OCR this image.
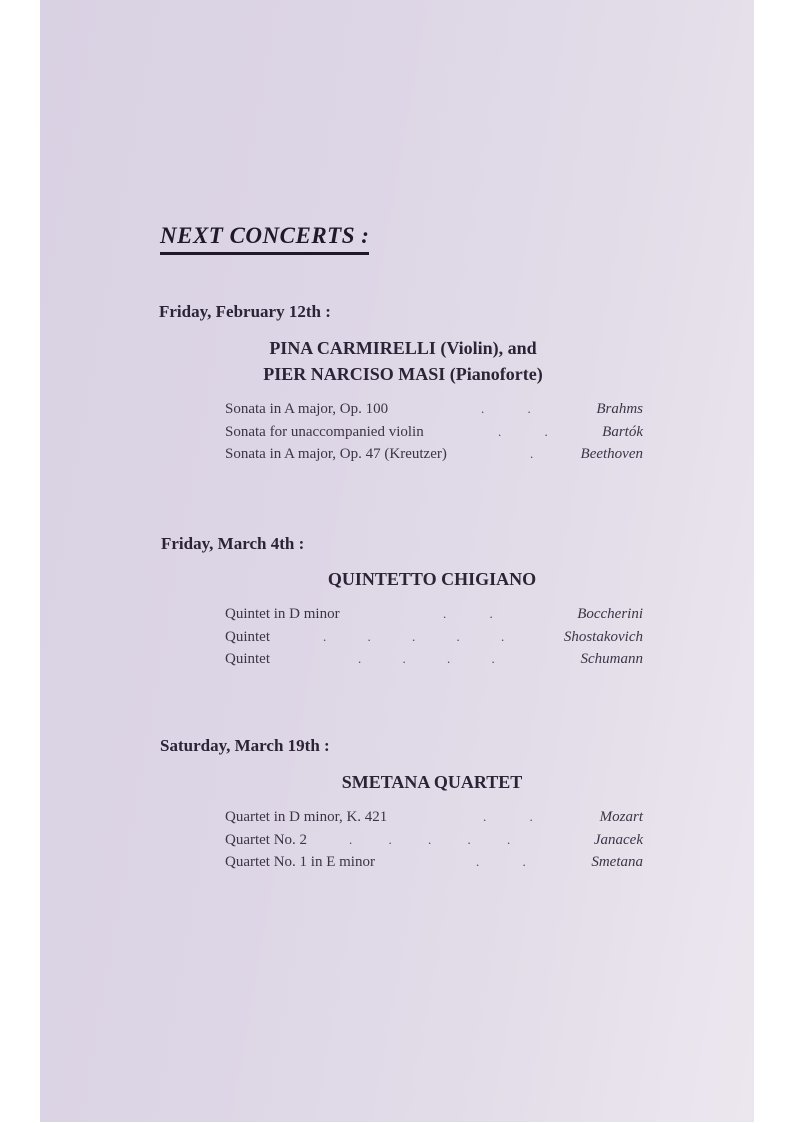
NEXT CONCERTS :
Friday, February 12th :
PINA CARMIRELLI (Violin), and
PIER NARCISO MASI (Pianoforte)
Sonata in A major, Op. 100	. .	Brahms
Sonata for unaccompanied violin	. .	Bartók
Sonata in A major, Op. 47 (Kreutzer)	.	Beethoven
Friday, March 4th :
QUINTETTO CHIGIANO
Quintet in D minor	. .	Boccherini
Quintet	. . . . .	Shostakovich
Quintet	. . . .	Schumann
Saturday, March 19th :
SMETANA QUARTET
Quartet in D minor, K. 421	. .	Mozart
Quartet No. 2	. . . . .	Janacek
Quartet No. 1 in E minor	. .	Smetana
